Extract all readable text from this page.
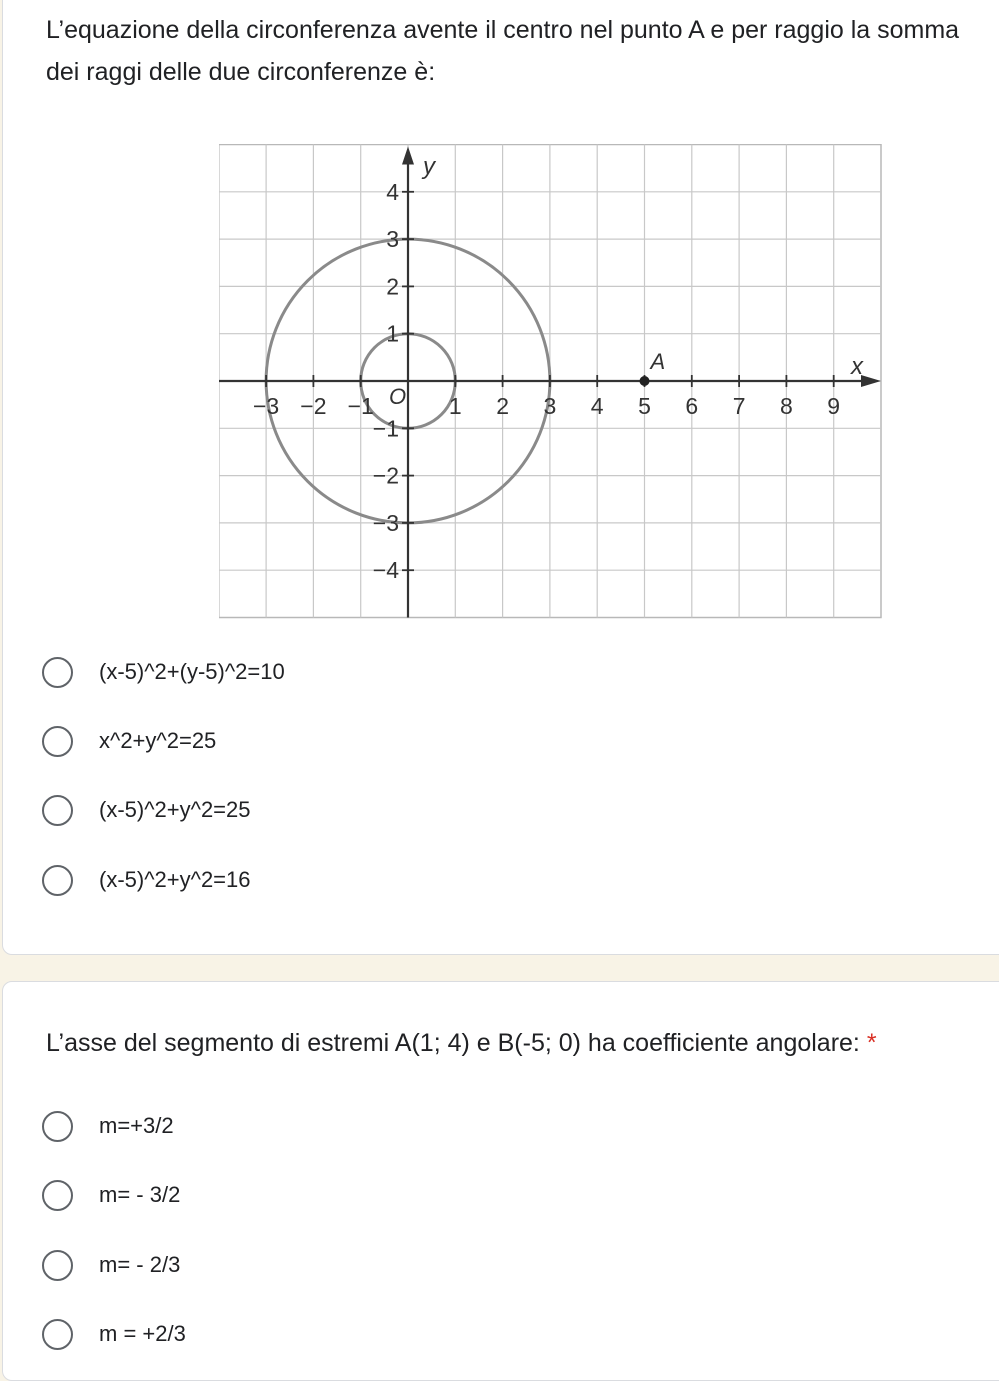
L’equazione della circonferenza avente il centro nel punto A e per raggio la somma dei raggi delle due circonferenze è:
−3 −2 −1	1 2 3 4 5 6 7 8 9
4
3
2
1
−1
−2
−3
−4
x
y
O
A
(x-5)^2+(y-5)^2=10
x^2+y^2=25
(x-5)^2+y^2=25
(x-5)^2+y^2=16
L’asse del segmento di estremi A(1; 4) e B(-5; 0) ha coefficiente angolare: *
m=+3/2
m= - 3/2
m= - 2/3
m = +2/3
